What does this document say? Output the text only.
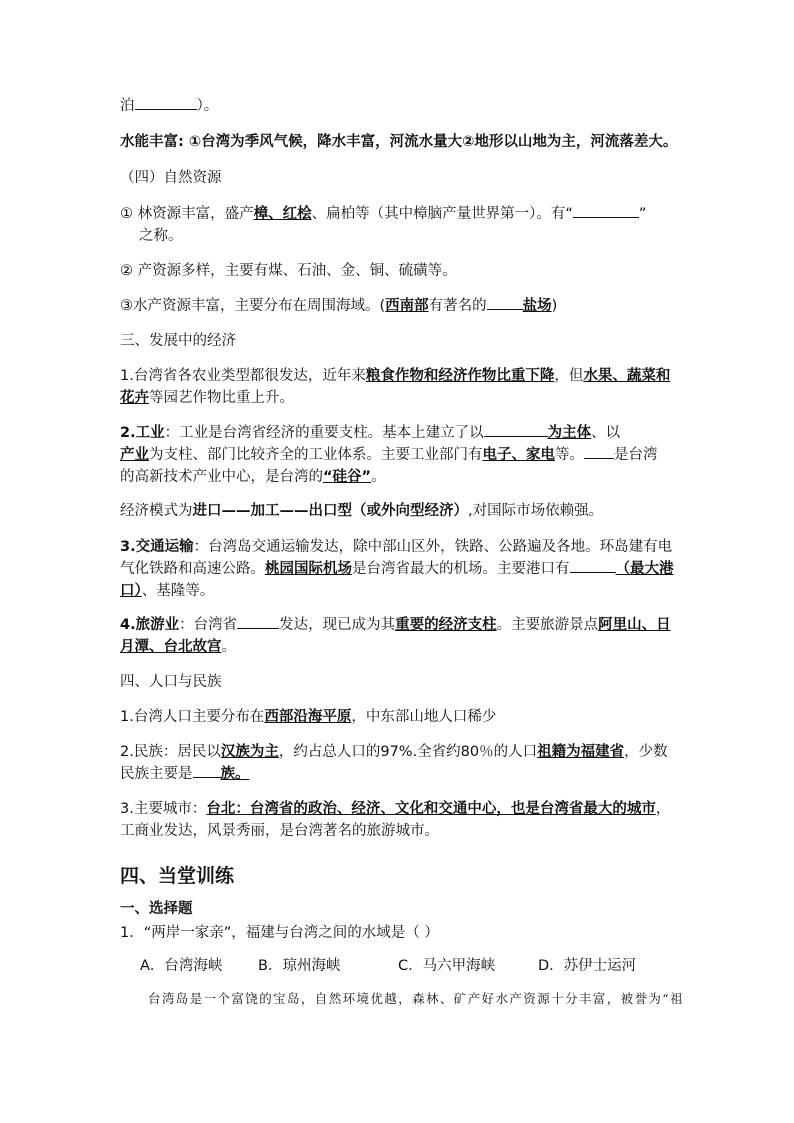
泊	）。
水能丰富: ①台湾为季风气候，降水丰富，河流水量大②地形以山地为主，河流落差大。
（四）自然资源
① 林资源丰富，盛产樟、红桧、扁柏等（其中樟脑产量世界第一）。有“	”
之称。
② 产资源多样，主要有煤、石油、金、铜、硫磺等。
③水产资源丰富，主要分布在周围海域。(西南部有著名的 盐场)
三、发展中的经济
1.台湾省各农业类型都很发达，近年来粮食作物和经济作物比重下降，但水果、蔬菜和
花卉等园艺作物比重上升。
2.工业：工业是台湾省经济的重要支柱。基本上建立了以	为主体、以
产业为支柱、部门比较齐全的工业体系。主要工业部门有电子、家电等。 是台湾
的高新技术产业中心，是台湾的“硅谷”。
经济模式为进口——加工——出口型（或外向型经济）,对国际市场依赖强。
3.交通运输：台湾岛交通运输发达，除中部山区外，铁路、公路遍及各地。环岛建有电
气化铁路和高速公路。桃园国际机场是台湾省最大的机场。主要港口有	（最大港
口）、基隆等。
4.旅游业：台湾省	发达，现已成为其重要的经济支柱。主要旅游景点阿里山、日
月潭、台北故宫。
四、人口与民族
1.台湾人口主要分布在西部沿海平原，中东部山地人口稀少
2.民族：居民以汉族为主，约占总人口的97%.全省约80％的人口祖籍为福建省，少数
民族主要是 族。
3.主要城市：台北：台湾省的政治、经济、文化和交通中心，也是台湾省最大的城市，
工商业发达，风景秀丽，是台湾著名的旅游城市。
四、当堂训练
一、选择题
1．“两岸一家亲”，福建与台湾之间的水域是（ ）
A．台湾海峡 B．琼州海峡	C．马六甲海峡	D．苏伊士运河
台湾岛是一个富饶的宝岛，自然环境优越，森林、矿产好水产资源十分丰富，被誉为“祖
